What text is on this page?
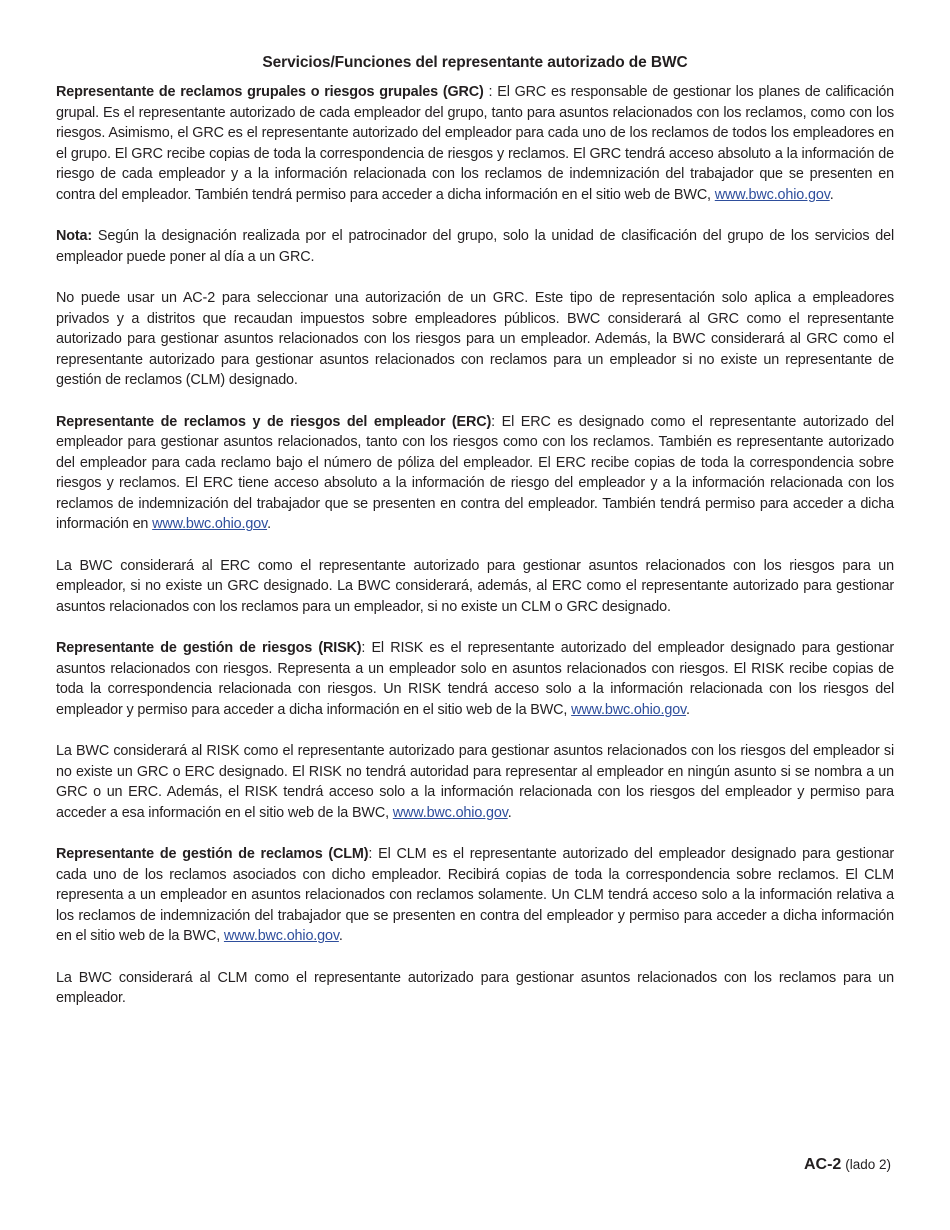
Servicios/Funciones del representante autorizado de BWC

Representante de reclamos grupales o riesgos grupales (GRC) : El GRC es responsable de gestionar los planes de calificación grupal. Es el representante autorizado de cada empleador del grupo, tanto para asuntos relacionados con los reclamos, como con los riesgos. Asimismo, el GRC es el representante autorizado del empleador para cada uno de los reclamos de todos los empleadores en el grupo. El GRC recibe copias de toda la correspondencia de riesgos y reclamos. El GRC tendrá acceso absoluto a la información de riesgo de cada empleador y a la información relacionada con los reclamos de indemnización del trabajador que se presenten en contra del empleador. También tendrá permiso para acceder a dicha información en el sitio web de BWC, www.bwc.ohio.gov.

Nota: Según la designación realizada por el patrocinador del grupo, solo la unidad de clasificación del grupo de los servicios del empleador puede poner al día a un GRC.

No puede usar un AC-2 para seleccionar una autorización de un GRC. Este tipo de representación solo aplica a empleadores privados y a distritos que recaudan impuestos sobre empleadores públicos. BWC considerará al GRC como el representante autorizado para gestionar asuntos relacionados con los riesgos para un empleador. Además, la BWC considerará al GRC como el representante autorizado para gestionar asuntos relacionados con reclamos para un empleador si no existe un representante de gestión de reclamos (CLM) designado.

Representante de reclamos y de riesgos del empleador (ERC): El ERC es designado como el representante autorizado del empleador para gestionar asuntos relacionados, tanto con los riesgos como con los reclamos. También es representante autorizado del empleador para cada reclamo bajo el número de póliza del empleador. El ERC recibe copias de toda la correspondencia sobre riesgos y reclamos. El ERC tiene acceso absoluto a la información de riesgo del empleador y a la información relacionada con los reclamos de indemnización del trabajador que se presenten en contra del empleador. También tendrá permiso para acceder a dicha información en www.bwc.ohio.gov.

La BWC considerará al ERC como el representante autorizado para gestionar asuntos relacionados con los riesgos para un empleador, si no existe un GRC designado. La BWC considerará, además, al ERC como el representante autorizado para gestionar asuntos relacionados con los reclamos para un empleador, si no existe un CLM o GRC designado.

Representante de gestión de riesgos (RISK): El RISK es el representante autorizado del empleador designado para gestionar asuntos relacionados con riesgos. Representa a un empleador solo en asuntos relacionados con riesgos. El RISK recibe copias de toda la correspondencia relacionada con riesgos. Un RISK tendrá acceso solo a la información relacionada con los riesgos del empleador y permiso para acceder a dicha información en el sitio web de la BWC, www.bwc.ohio.gov.

La BWC considerará al RISK como el representante autorizado para gestionar asuntos relacionados con los riesgos del empleador si no existe un GRC o ERC designado. El RISK no tendrá autoridad para representar al empleador en ningún asunto si se nombra a un GRC o un ERC. Además, el RISK tendrá acceso solo a la información relacionada con los riesgos del empleador y permiso para acceder a esa información en el sitio web de la BWC, www.bwc.ohio.gov.

Representante de gestión de reclamos (CLM): El CLM es el representante autorizado del empleador designado para gestionar cada uno de los reclamos asociados con dicho empleador. Recibirá copias de toda la correspondencia sobre reclamos. El CLM representa a un empleador en asuntos relacionados con reclamos solamente. Un CLM tendrá acceso solo a la información relativa a los reclamos de indemnización del trabajador que se presenten en contra del empleador y permiso para acceder a dicha información en el sitio web de la BWC, www.bwc.ohio.gov.

La BWC considerará al CLM como el representante autorizado para gestionar asuntos relacionados con los reclamos para un empleador.

AC-2 (lado 2)
